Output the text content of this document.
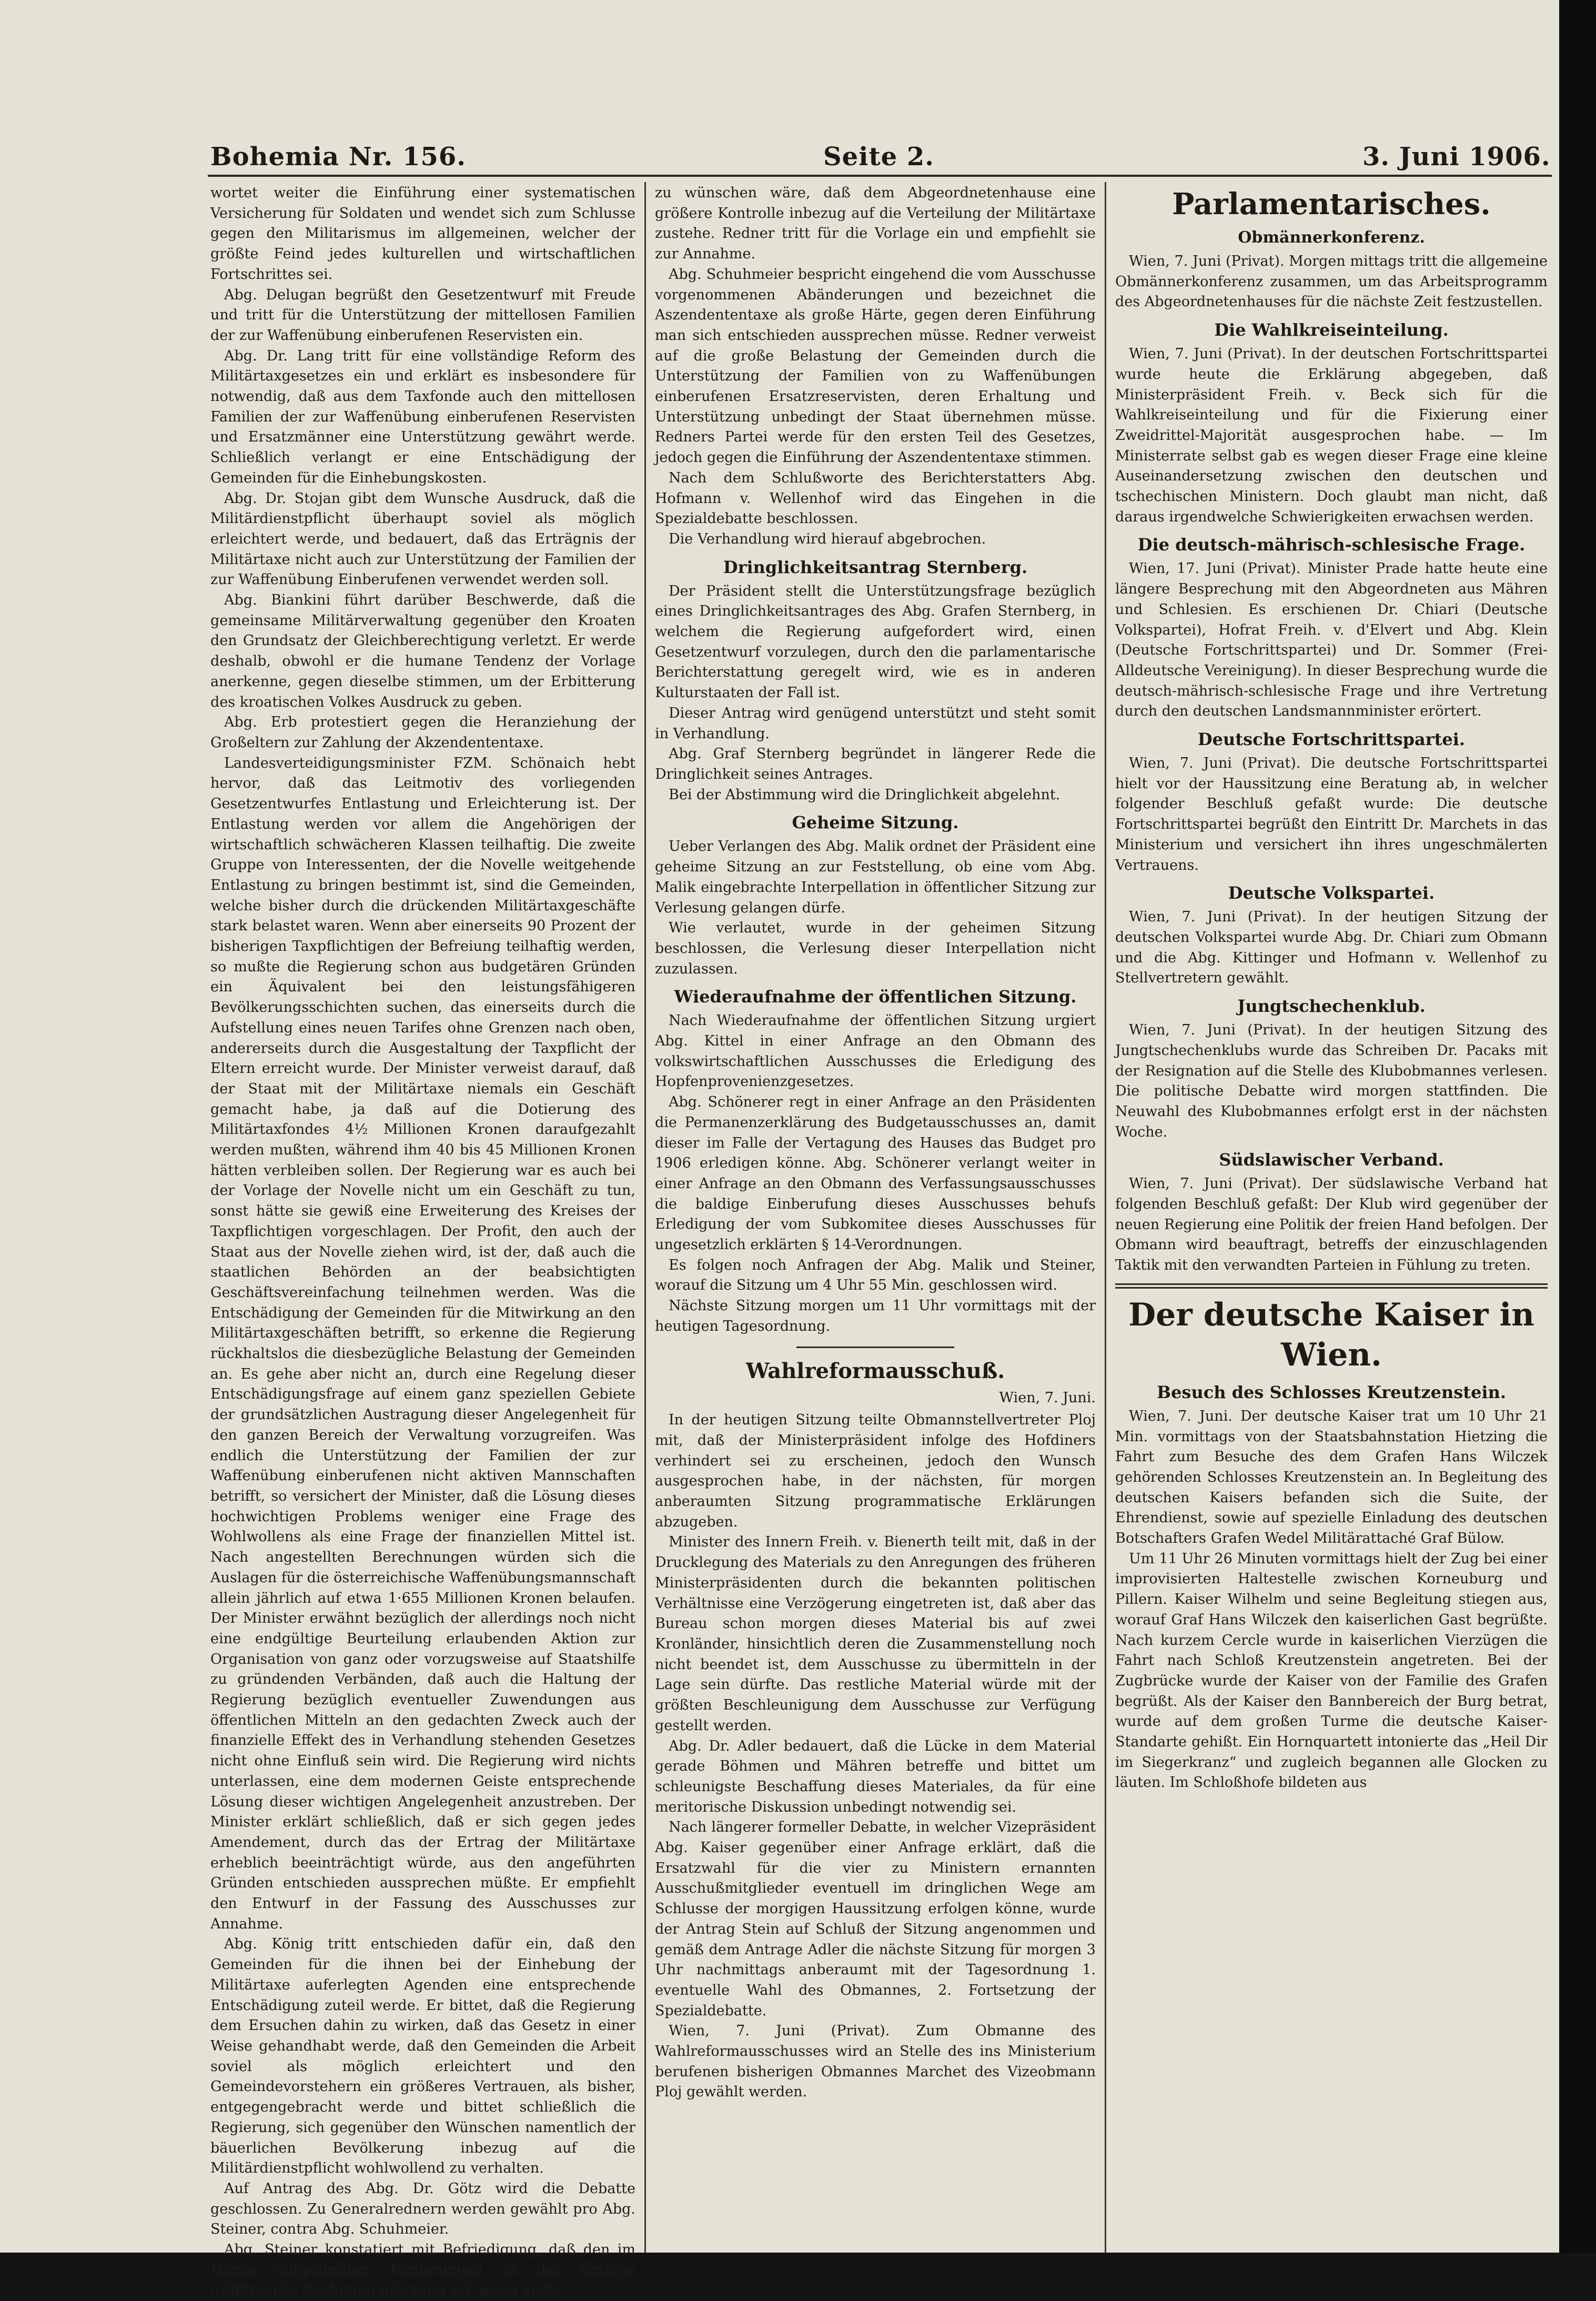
Bohemia Nr. 156.	Seite 2.	3. Juni 1906.

wortet weiter die Einführung einer systematischen Versicherung für Soldaten und wendet sich zum Schlusse gegen den Militarismus im allgemeinen, welcher der größte Feind jedes kulturellen und wirtschaftlichen Fortschrittes sei.

Abg. Delugan begrüßt den Gesetzentwurf mit Freude und tritt für die Unterstützung der mittellosen Familien der zur Waffenübung einberufenen Reservisten ein.

Abg. Dr. Lang tritt für eine vollständige Reform des Militärtaxgesetzes ein und erklärt es insbesondere für notwendig, daß aus dem Taxfonde auch den mittellosen Familien der zur Waffenübung einberufenen Reservisten und Ersatzmänner eine Unterstützung gewährt werde. Schließlich verlangt er eine Entschädigung der Gemeinden für die Einhebungskosten.

Abg. Dr. Stojan gibt dem Wunsche Ausdruck, daß die Militärdienstpflicht überhaupt soviel als möglich erleichtert werde, und bedauert, daß das Erträgnis der Militärtaxe nicht auch zur Unterstützung der Familien der zur Waffenübung Einberufenen verwendet werden soll.

Abg. Biankini führt darüber Beschwerde, daß die gemeinsame Militärverwaltung gegenüber den Kroaten den Grundsatz der Gleichberechtigung verletzt. Er werde deshalb, obwohl er die humane Tendenz der Vorlage anerkenne, gegen dieselbe stimmen, um der Erbitterung des kroatischen Volkes Ausdruck zu geben.

Abg. Erb protestiert gegen die Heranziehung der Großeltern zur Zahlung der Akzendententaxe.

Landesverteidigungsminister FZM. Schönaich hebt hervor, daß das Leitmotiv des vorliegenden Gesetzentwurfes Entlastung und Erleichterung ist. Der Entlastung werden vor allem die Angehörigen der wirtschaftlich schwächeren Klassen teilhaftig. Die zweite Gruppe von Interessenten, der die Novelle weitgehende Entlastung zu bringen bestimmt ist, sind die Gemeinden, welche bisher durch die drückenden Militärtaxgeschäfte stark belastet waren. Wenn aber einerseits 90 Prozent der bisherigen Taxpflichtigen der Befreiung teilhaftig werden, so mußte die Regierung schon aus budgetären Gründen ein Äquivalent bei den leistungsfähigeren Bevölkerungsschichten suchen, das einerseits durch die Aufstellung eines neuen Tarifes ohne Grenzen nach oben, andererseits durch die Ausgestaltung der Taxpflicht der Eltern erreicht wurde. Der Minister verweist darauf, daß der Staat mit der Militärtaxe niemals ein Geschäft gemacht habe, ja daß auf die Dotierung des Militärtaxfondes 4½ Millionen Kronen daraufgezahlt werden mußten, während ihm 40 bis 45 Millionen Kronen hätten verbleiben sollen. Der Regierung war es auch bei der Vorlage der Novelle nicht um ein Geschäft zu tun, sonst hätte sie gewiß eine Erweiterung des Kreises der Taxpflichtigen vorgeschlagen. Der Profit, den auch der Staat aus der Novelle ziehen wird, ist der, daß auch die staatlichen Behörden an der beabsichtigten Geschäftsvereinfachung teilnehmen werden. Was die Entschädigung der Gemeinden für die Mitwirkung an den Militärtaxgeschäften betrifft, so erkenne die Regierung rückhaltslos die diesbezügliche Belastung der Gemeinden an. Es gehe aber nicht an, durch eine Regelung dieser Entschädigungsfrage auf einem ganz speziellen Gebiete der grundsätzlichen Austragung dieser Angelegenheit für den ganzen Bereich der Verwaltung vorzugreifen. Was endlich die Unterstützung der Familien der zur Waffenübung einberufenen nicht aktiven Mannschaften betrifft, so versichert der Minister, daß die Lösung dieses hochwichtigen Problems weniger eine Frage des Wohlwollens als eine Frage der finanziellen Mittel ist. Nach angestellten Berechnungen würden sich die Auslagen für die österreichische Waffenübungsmannschaft allein jährlich auf etwa 1·655 Millionen Kronen belaufen. Der Minister erwähnt bezüglich der allerdings noch nicht eine endgültige Beurteilung erlaubenden Aktion zur Organisation von ganz oder vorzugsweise auf Staatshilfe zu gründenden Verbänden, daß auch die Haltung der Regierung bezüglich eventueller Zuwendungen aus öffentlichen Mitteln an den gedachten Zweck auch der finanzielle Effekt des in Verhandlung stehenden Gesetzes nicht ohne Einfluß sein wird. Die Regierung wird nichts unterlassen, eine dem modernen Geiste entsprechende Lösung dieser wichtigen Angelegenheit anzustreben. Der Minister erklärt schließlich, daß er sich gegen jedes Amendement, durch das der Ertrag der Militärtaxe erheblich beeinträchtigt würde, aus den angeführten Gründen entschieden aussprechen müßte. Er empfiehlt den Entwurf in der Fassung des Ausschusses zur Annahme.

Abg. König tritt entschieden dafür ein, daß den Gemeinden für die ihnen bei der Einhebung der Militärtaxe auferlegten Agenden eine entsprechende Entschädigung zuteil werde. Er bittet, daß die Regierung dem Ersuchen dahin zu wirken, daß das Gesetz in einer Weise gehandhabt werde, daß den Gemeinden die Arbeit soviel als möglich erleichtert und den Gemeindevorstehern ein größeres Vertrauen, als bisher, entgegengebracht werde und bittet schließlich die Regierung, sich gegenüber den Wünschen namentlich der bäuerlichen Bevölkerung inbezug auf die Militärdienstpflicht wohlwollend zu verhalten.

Auf Antrag des Abg. Dr. Götz wird die Debatte geschlossen. Zu Generalrednern werden gewählt pro Abg. Steiner, contra Abg. Schuhmeier.

Abg. Steiner konstatiert mit Befriedigung, daß den im Hause aufgestellten Forderungen in der Vorlage größtenteils Rechnung getragen sei, wenn auch

zu wünschen wäre, daß dem Abgeordnetenhause eine größere Kontrolle inbezug auf die Verteilung der Militärtaxe zustehe. Redner tritt für die Vorlage ein und empfiehlt sie zur Annahme.

Abg. Schuhmeier bespricht eingehend die vom Ausschusse vorgenommenen Abänderungen und bezeichnet die Aszendententaxe als große Härte, gegen deren Einführung man sich entschieden aussprechen müsse. Redner verweist auf die große Belastung der Gemeinden durch die Unterstützung der Familien von zu Waffenübungen einberufenen Ersatzreservisten, deren Erhaltung und Unterstützung unbedingt der Staat übernehmen müsse. Redners Partei werde für den ersten Teil des Gesetzes, jedoch gegen die Einführung der Aszendententaxe stimmen.

Nach dem Schlußworte des Berichterstatters Abg. Hofmann v. Wellenhof wird das Eingehen in die Spezialdebatte beschlossen.

Die Verhandlung wird hierauf abgebrochen.

Dringlichkeitsantrag Sternberg.

Der Präsident stellt die Unterstützungsfrage bezüglich eines Dringlichkeitsantrages des Abg. Grafen Sternberg, in welchem die Regierung aufgefordert wird, einen Gesetzentwurf vorzulegen, durch den die parlamentarische Berichterstattung geregelt wird, wie es in anderen Kulturstaaten der Fall ist.

Dieser Antrag wird genügend unterstützt und steht somit in Verhandlung.

Abg. Graf Sternberg begründet in längerer Rede die Dringlichkeit seines Antrages.

Bei der Abstimmung wird die Dringlichkeit abgelehnt.

Geheime Sitzung.

Ueber Verlangen des Abg. Malik ordnet der Präsident eine geheime Sitzung an zur Feststellung, ob eine vom Abg. Malik eingebrachte Interpellation in öffentlicher Sitzung zur Verlesung gelangen dürfe.

Wie verlautet, wurde in der geheimen Sitzung beschlossen, die Verlesung dieser Interpellation nicht zuzulassen.

Wiederaufnahme der öffentlichen Sitzung.

Nach Wiederaufnahme der öffentlichen Sitzung urgiert Abg. Kittel in einer Anfrage an den Obmann des volkswirtschaftlichen Ausschusses die Erledigung des Hopfenprovenienzgesetzes.

Abg. Schönerer regt in einer Anfrage an den Präsidenten die Permanenzerklärung des Budgetausschusses an, damit dieser im Falle der Vertagung des Hauses das Budget pro 1906 erledigen könne. Abg. Schönerer verlangt weiter in einer Anfrage an den Obmann des Verfassungsausschusses die baldige Einberufung dieses Ausschusses behufs Erledigung der vom Subkomitee dieses Ausschusses für ungesetzlich erklärten § 14-Verordnungen.

Es folgen noch Anfragen der Abg. Malik und Steiner, worauf die Sitzung um 4 Uhr 55 Min. geschlossen wird.

Nächste Sitzung morgen um 11 Uhr vormittags mit der heutigen Tagesordnung.

Wahlreformausschuß.
Wien, 7. Juni.

In der heutigen Sitzung teilte Obmannstellvertreter Ploj mit, daß der Ministerpräsident infolge des Hofdiners verhindert sei zu erscheinen, jedoch den Wunsch ausgesprochen habe, in der nächsten, für morgen anberaumten Sitzung programmatische Erklärungen abzugeben.

Minister des Innern Freih. v. Bienerth teilt mit, daß in der Drucklegung des Materials zu den Anregungen des früheren Ministerpräsidenten durch die bekannten politischen Verhältnisse eine Verzögerung eingetreten ist, daß aber das Bureau schon morgen dieses Material bis auf zwei Kronländer, hinsichtlich deren die Zusammenstellung noch nicht beendet ist, dem Ausschusse zu übermitteln in der Lage sein dürfte. Das restliche Material würde mit der größten Beschleunigung dem Ausschusse zur Verfügung gestellt werden.

Abg. Dr. Adler bedauert, daß die Lücke in dem Material gerade Böhmen und Mähren betreffe und bittet um schleunigste Beschaffung dieses Materiales, da für eine meritorische Diskussion unbedingt notwendig sei.

Nach längerer formeller Debatte, in welcher Vizepräsident Abg. Kaiser gegenüber einer Anfrage erklärt, daß die Ersatzwahl für die vier zu Ministern ernannten Ausschußmitglieder eventuell im dringlichen Wege am Schlusse der morgigen Haussitzung erfolgen könne, wurde der Antrag Stein auf Schluß der Sitzung angenommen und gemäß dem Antrage Adler die nächste Sitzung für morgen 3 Uhr nachmittags anberaumt mit der Tagesordnung 1. eventuelle Wahl des Obmannes, 2. Fortsetzung der Spezialdebatte.

Wien, 7. Juni (Privat). Zum Obmanne des Wahlreformausschusses wird an Stelle des ins Ministerium berufenen bisherigen Obmannes Marchet des Vizeobmann Ploj gewählt werden.

Parlamentarisches.
Obmännerkonferenz.

Wien, 7. Juni (Privat). Morgen mittags tritt die allgemeine Obmännerkonferenz zusammen, um das Arbeitsprogramm des Abgeordnetenhauses für die nächste Zeit festzustellen.

Die Wahlkreiseinteilung.

Wien, 7. Juni (Privat). In der deutschen Fortschrittspartei wurde heute die Erklärung abgegeben, daß Ministerpräsident Freih. v. Beck sich für die Wahlkreiseinteilung und für die Fixierung einer Zweidrittel-Majorität ausgesprochen habe. — Im Ministerrate selbst gab es wegen dieser Frage eine kleine Auseinandersetzung zwischen den deutschen und tschechischen Ministern. Doch glaubt man nicht, daß daraus irgendwelche Schwierigkeiten erwachsen werden.

Die deutsch-mährisch-schlesische Frage.

Wien, 17. Juni (Privat). Minister Prade hatte heute eine längere Besprechung mit den Abgeordneten aus Mähren und Schlesien. Es erschienen Dr. Chiari (Deutsche Volkspartei), Hofrat Freih. v. d'Elvert und Abg. Klein (Deutsche Fortschrittspartei) und Dr. Sommer (Frei-Alldeutsche Vereinigung). In dieser Besprechung wurde die deutsch-mährisch-schlesische Frage und ihre Vertretung durch den deutschen Landsmannminister erörtert.

Deutsche Fortschrittspartei.

Wien, 7. Juni (Privat). Die deutsche Fortschrittspartei hielt vor der Haussitzung eine Beratung ab, in welcher folgender Beschluß gefaßt wurde: Die deutsche Fortschrittspartei begrüßt den Eintritt Dr. Marchets in das Ministerium und versichert ihn ihres ungeschmälerten Vertrauens.

Deutsche Volkspartei.

Wien, 7. Juni (Privat). In der heutigen Sitzung der deutschen Volkspartei wurde Abg. Dr. Chiari zum Obmann und die Abg. Kittinger und Hofmann v. Wellenhof zu Stellvertretern gewählt.

Jungtschechenklub.

Wien, 7. Juni (Privat). In der heutigen Sitzung des Jungtschechenklubs wurde das Schreiben Dr. Pacaks mit der Resignation auf die Stelle des Klubobmannes verlesen. Die politische Debatte wird morgen stattfinden. Die Neuwahl des Klubobmannes erfolgt erst in der nächsten Woche.

Südslawischer Verband.

Wien, 7. Juni (Privat). Der südslawische Verband hat folgenden Beschluß gefaßt: Der Klub wird gegenüber der neuen Regierung eine Politik der freien Hand befolgen. Der Obmann wird beauftragt, betreffs der einzuschlagenden Taktik mit den verwandten Parteien in Fühlung zu treten.

Der deutsche Kaiser in Wien.
Besuch des Schlosses Kreutzenstein.

Wien, 7. Juni. Der deutsche Kaiser trat um 10 Uhr 21 Min. vormittags von der Staatsbahnstation Hietzing die Fahrt zum Besuche des dem Grafen Hans Wilczek gehörenden Schlosses Kreutzenstein an. In Begleitung des deutschen Kaisers befanden sich die Suite, der Ehrendienst, sowie auf spezielle Einladung des deutschen Botschafters Grafen Wedel Militärattaché Graf Bülow.

Um 11 Uhr 26 Minuten vormittags hielt der Zug bei einer improvisierten Haltestelle zwischen Korneuburg und Pillern. Kaiser Wilhelm und seine Begleitung stiegen aus, worauf Graf Hans Wilczek den kaiserlichen Gast begrüßte. Nach kurzem Cercle wurde in kaiserlichen Vierzügen die Fahrt nach Schloß Kreutzenstein angetreten. Bei der Zugbrücke wurde der Kaiser von der Familie des Grafen begrüßt. Als der Kaiser den Bannbereich der Burg betrat, wurde auf dem großen Turme die deutsche Kaiser-Standarte gehißt. Ein Hornquartett intonierte das „Heil Dir im Siegerkranz“ und zugleich begannen alle Glocken zu läuten. Im Schloßhofe bildeten aus
